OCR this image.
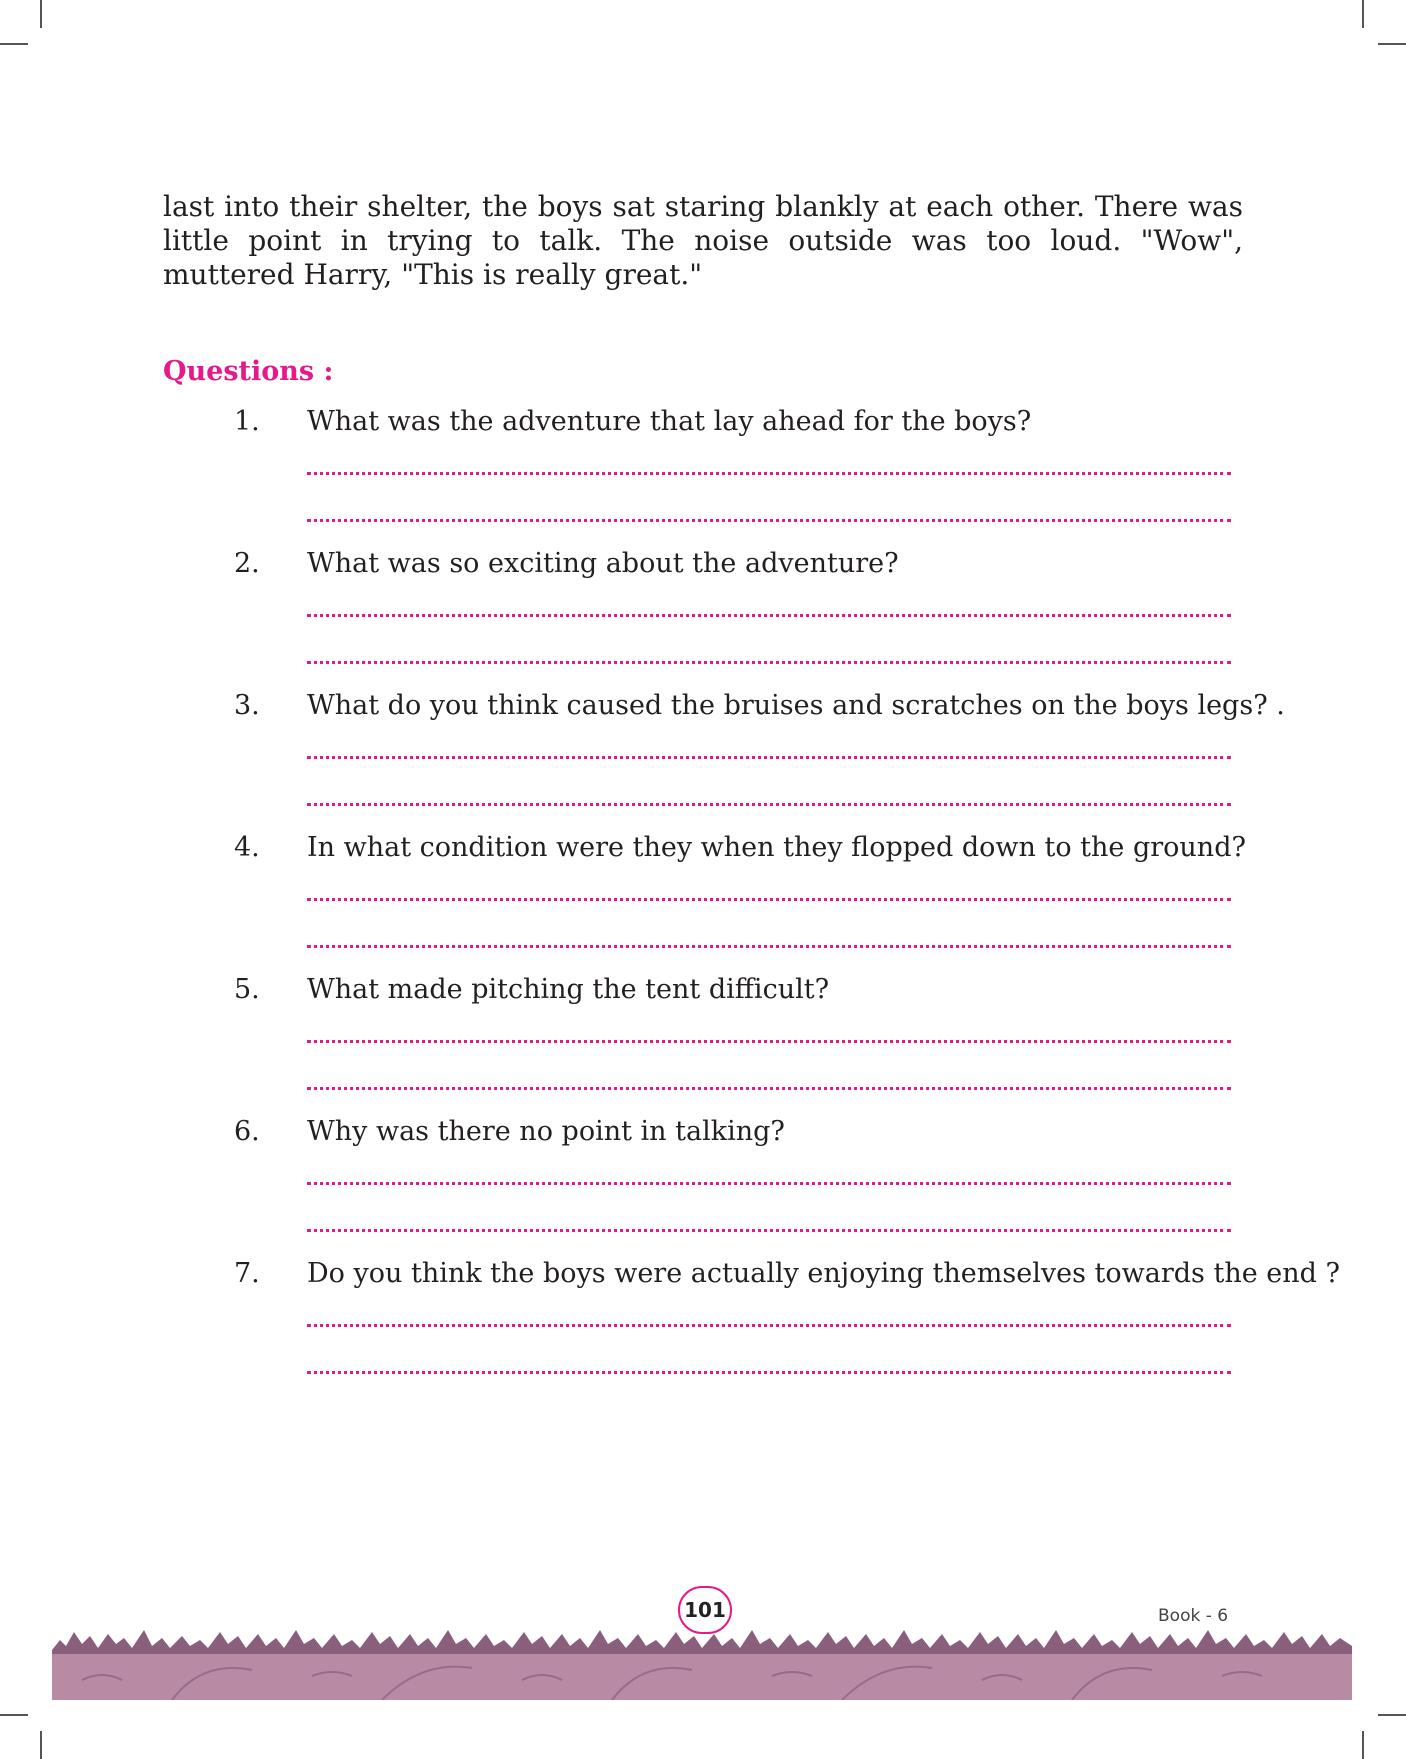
last into their shelter, the boys sat staring blankly at each other. There was little point in trying to talk. The noise outside was too loud. "Wow", muttered Harry, "This is really great."

Questions :
1. What was the adventure that lay ahead for the boys?
2. What was so exciting about the adventure?
3. What do you think caused the bruises and scratches on the boys legs? .
4. In what condition were they when they flopped down to the ground?
5. What made pitching the tent difficult?
6. Why was there no point in talking?
7. Do you think the boys were actually enjoying themselves towards the end ?
101	Book - 6
